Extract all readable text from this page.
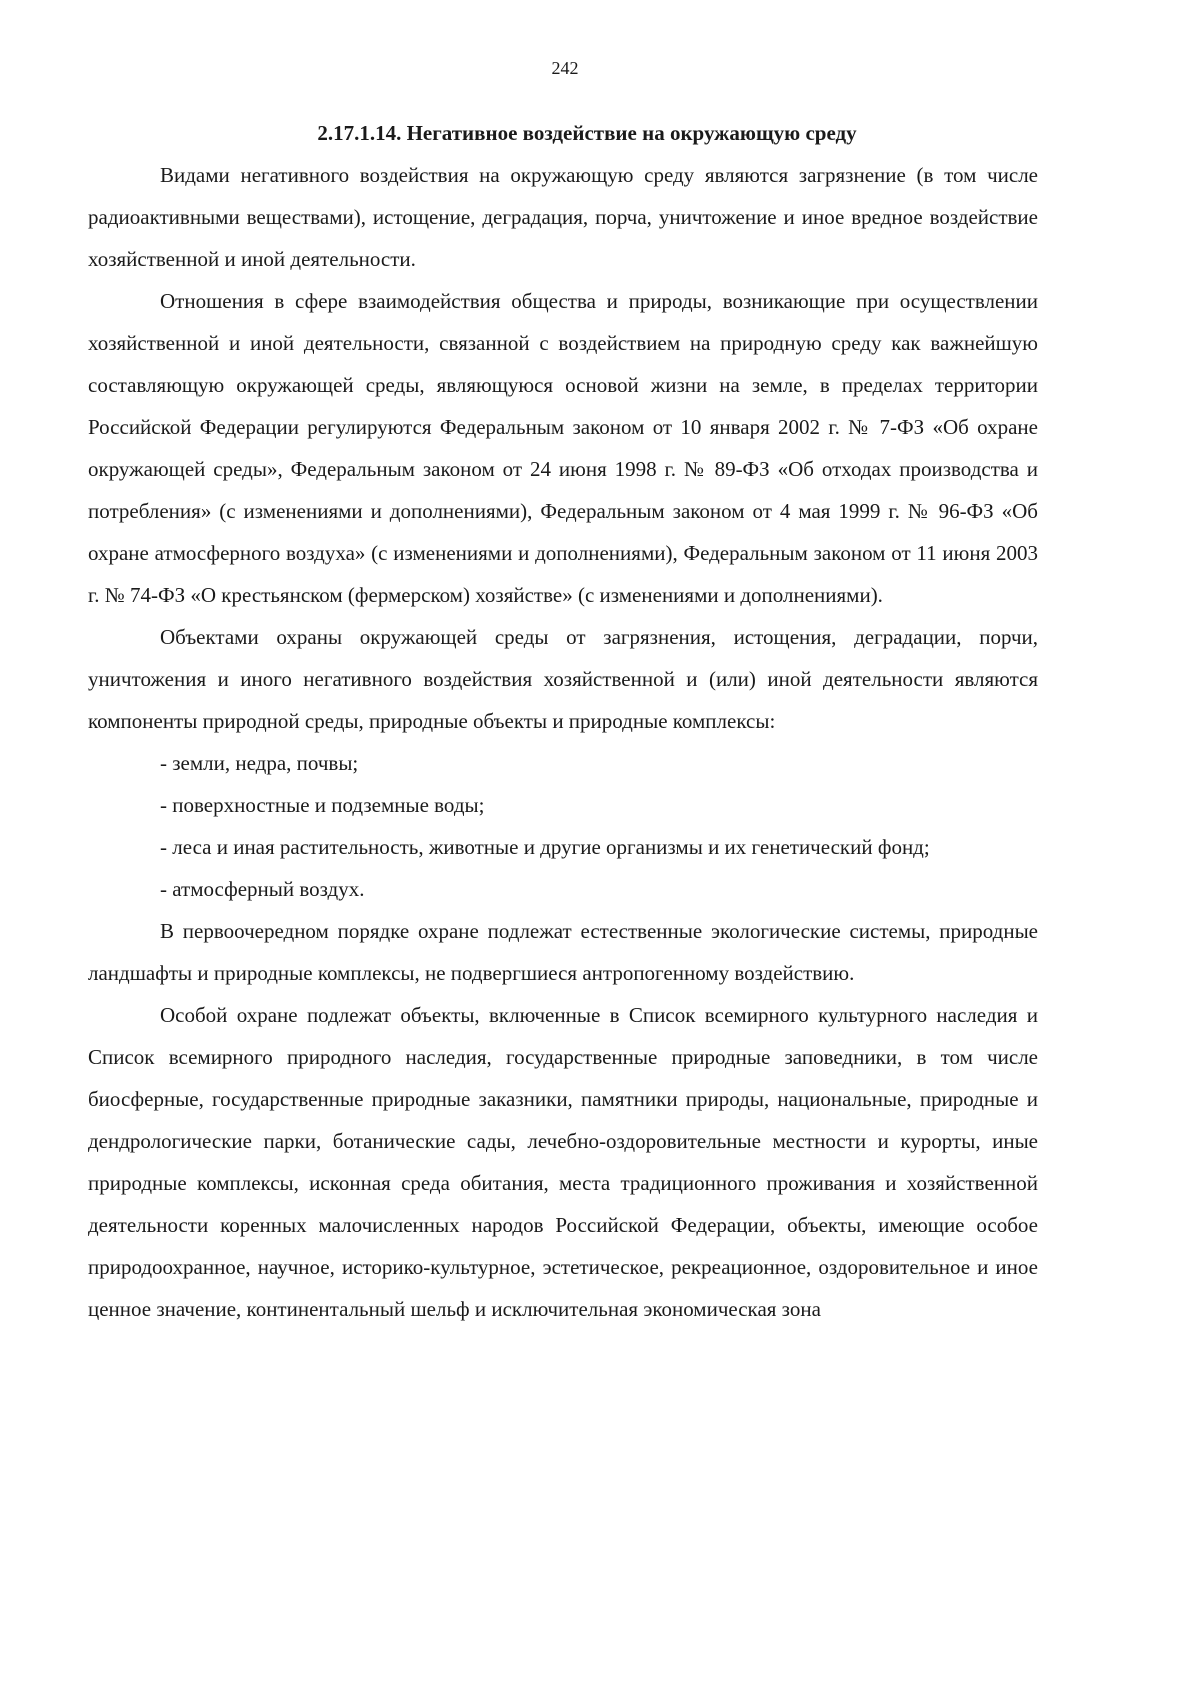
242
2.17.1.14. Негативное воздействие на окружающую среду

Видами негативного воздействия на окружающую среду являются загрязнение (в том числе радиоактивными веществами), истощение, деградация, порча, уничтожение и иное вредное воздействие хозяйственной и иной деятельности.

Отношения в сфере взаимодействия общества и природы, возникающие при осуществлении хозяйственной и иной деятельности, связанной с воздействием на природную среду как важнейшую составляющую окружающей среды, являющуюся основой жизни на земле, в пределах территории Российской Федерации регулируются Федеральным законом от 10 января 2002 г. № 7-ФЗ «Об охране окружающей среды», Федеральным законом от 24 июня 1998 г. № 89-ФЗ «Об отходах производства и потребления» (с изменениями и дополнениями), Федеральным законом от 4 мая 1999 г. № 96-ФЗ «Об охране атмосферного воздуха» (с изменениями и дополнениями), Федеральным законом от 11 июня 2003 г. № 74-ФЗ «О крестьянском (фермерском) хозяйстве» (с изменениями и дополнениями).

Объектами охраны окружающей среды от загрязнения, истощения, деградации, порчи, уничтожения и иного негативного воздействия хозяйственной и (или) иной деятельности являются компоненты природной среды, природные объекты и природные комплексы:

- земли, недра, почвы;

- поверхностные и подземные воды;

- леса и иная растительность, животные и другие организмы и их генетический фонд;

- атмосферный воздух.

В первоочередном порядке охране подлежат естественные экологические системы, природные ландшафты и природные комплексы, не подвергшиеся антропогенному воздействию.

Особой охране подлежат объекты, включенные в Список всемирного культурного наследия и Список всемирного природного наследия, государственные природные заповедники, в том числе биосферные, государственные природные заказники, памятники природы, национальные, природные и дендрологические парки, ботанические сады, лечебно-оздоровительные местности и курорты, иные природные комплексы, исконная среда обитания, места традиционного проживания и хозяйственной деятельности коренных малочисленных народов Российской Федерации, объекты, имеющие особое природоохранное, научное, историко-культурное, эстетическое, рекреационное, оздоровительное и иное ценное значение, континентальный шельф и исключительная экономическая зона
